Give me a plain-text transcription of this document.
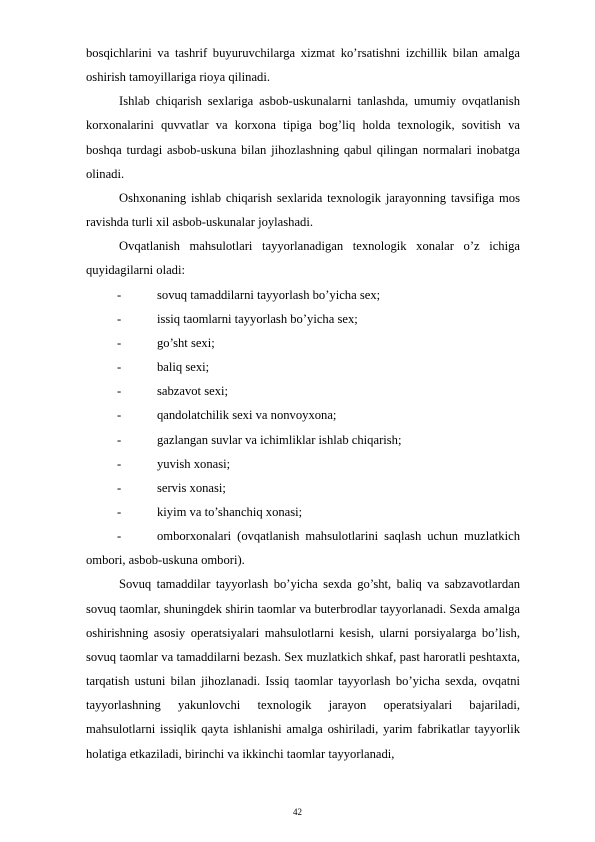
bosqichlarini va tashrif buyuruvchilarga xizmat ko’rsatishni izchillik bilan amalga oshirish tamoyillariga rioya qilinadi.

Ishlab chiqarish sexlariga asbob-uskunalarni tanlashda, umumiy ovqatlanish korxonalarini quvvatlar va korxona tipiga bog’liq holda texnologik, sovitish va boshqa turdagi asbob-uskuna bilan jihozlashning qabul qilingan normalari inobatga olinadi.

Oshxonaning ishlab chiqarish sexlarida texnologik jarayonning tavsifiga mos ravishda turli xil asbob-uskunalar joylashadi.

Ovqatlanish mahsulotlari tayyorlanadigan texnologik xonalar o’z ichiga quyidagilarni oladi:

-	sovuq tamaddilarni tayyorlash bo’yicha sex;

-	issiq taomlarni tayyorlash bo’yicha sex;

-	go’sht sexi;

-	baliq sexi;

-	sabzavot sexi;

-	qandolatchilik sexi va nonvoyxona;

-	gazlangan suvlar va ichimliklar ishlab chiqarish;

-	yuvish xonasi;

-	servis xonasi;

-	kiyim va to’shanchiq xonasi;

-	omborxonalari (ovqatlanish mahsulotlarini saqlash uchun muzlatkich ombori, asbob-uskuna ombori).

Sovuq tamaddilar tayyorlash bo’yicha sexda go’sht, baliq va sabzavotlardan sovuq taomlar, shuningdek shirin taomlar va buterbrodlar tayyorlanadi. Sexda amalga oshirishning asosiy operatsiyalari mahsulotlarni kesish, ularni porsiyalarga bo’lish, sovuq taomlar va tamaddilarni bezash. Sex muzlatkich shkaf, past haroratli peshtaxta, tarqatish ustuni bilan jihozlanadi. Issiq taomlar tayyorlash bo’yicha sexda, ovqatni tayyorlashning yakunlovchi texnologik jarayon operatsiyalari bajariladi, mahsulotlarni issiqlik qayta ishlanishi amalga oshiriladi, yarim fabrikatlar tayyorlik holatiga etkaziladi, birinchi va ikkinchi taomlar tayyorlanadi,

42
